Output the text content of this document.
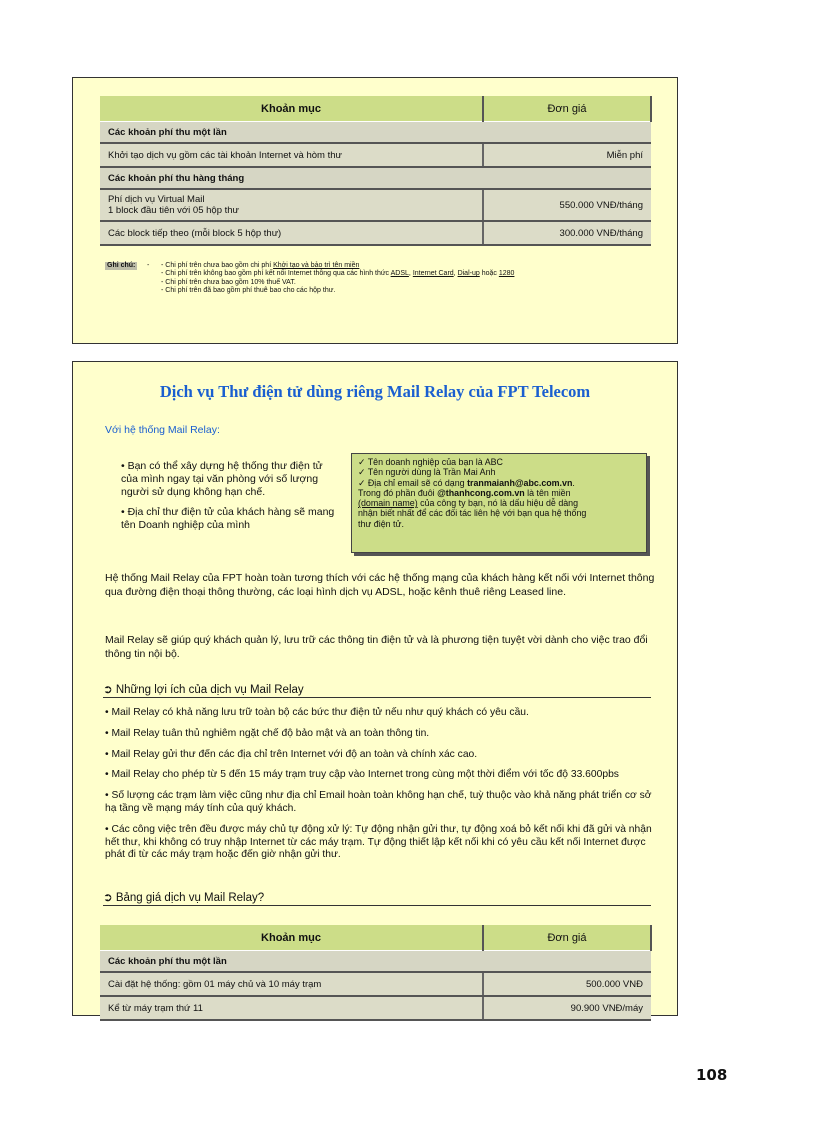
Khoản mục	Đơn giá
Các khoản phí thu một lần	
Khởi tạo dịch vụ gồm các tài khoản Internet và hòm thư	Miễn phí
Các khoản phí thu hàng tháng	

Phí dịch vụ Virtual Mail
1 block đầu tiên với 05 hộp thư	550.000 VNĐ/tháng
Các block tiếp theo (mỗi block 5 hộp thư)	300.000 VNĐ/tháng
Ghi chú: - - Chi phí trên chưa bao gồm chi phí Khởi tạo và bảo trì tên miền
- Chi phí trên không bao gồm phí kết nối Internet thông qua các hình thức ADSL, Internet Card, Dial-up hoặc 1280
- Chi phí trên chưa bao gồm 10% thuế VAT.
- Chi phí trên đã bao gồm phí thuê bao cho các hộp thư.
Dịch vụ Thư điện tử dùng riêng Mail Relay của FPT Telecom
Với hệ thống Mail Relay:

• Bạn có thể xây dựng hệ thống thư điện tử của mình ngay tại văn phòng với số lượng người sử dụng không hạn chế.

• Địa chỉ thư điện tử của khách hàng sẽ mang tên Doanh nghiệp của mình

✓ Tên doanh nghiệp của bạn là ABC
✓ Tên người dùng là Trần Mai Anh
✓ Địa chỉ email sẽ có dạng tranmaianh@abc.com.vn.
Trong đó phần đuôi @thanhcong.com.vn là tên miền
(domain name) của công ty bạn, nó là dấu hiệu dễ dàng
nhận biết nhất để các đối tác liên hệ với bạn qua hệ thống
thư điện tử.

Hệ thống Mail Relay của FPT hoàn toàn tương thích với các hệ thống mạng của khách hàng kết nối với Internet thông qua đường điện thoại thông thường, các loại hình dịch vụ ADSL, hoặc kênh thuê riêng Leased line.

Mail Relay sẽ giúp quý khách quản lý, lưu trữ các thông tin điện tử và là phương tiện tuyệt vời dành cho việc trao đổi thông tin nội bộ.

➲ Những lợi ích của dịch vụ Mail Relay

• Mail Relay có khả năng lưu trữ toàn bộ các bức thư điện tử nếu như quý khách có yêu cầu.

• Mail Relay tuân thủ nghiêm ngặt chế độ bảo mật và an toàn thông tin.

• Mail Relay gửi thư đến các địa chỉ trên Internet với độ an toàn và chính xác cao.

• Mail Relay cho phép từ 5 đến 15 máy trạm truy cập vào Internet trong cùng một thời điểm với tốc độ 33.600pbs

• Số lượng các trạm làm việc cũng như địa chỉ Email hoàn toàn không hạn chế, tuỳ thuộc vào khả năng phát triển cơ sở hạ tầng về mạng máy tính của quý khách.

• Các công việc trên đều được máy chủ tự động xử lý: Tự động nhận gửi thư, tự động xoá bỏ kết nối khi đã gửi và nhận hết thư, khi không có truy nhập Internet từ các máy trạm. Tự động thiết lập kết nối khi có yêu cầu kết nối Internet được phát đi từ các máy trạm hoặc đến giờ nhận gửi thư.

➲ Bảng giá dịch vụ Mail Relay?
Khoản mục	Đơn giá
Các khoản phí thu một lần	
Cài đặt hệ thống: gồm 01 máy chủ và 10 máy trạm	500.000 VNĐ
Kể từ máy trạm thứ 11	90.900 VNĐ/máy
108
